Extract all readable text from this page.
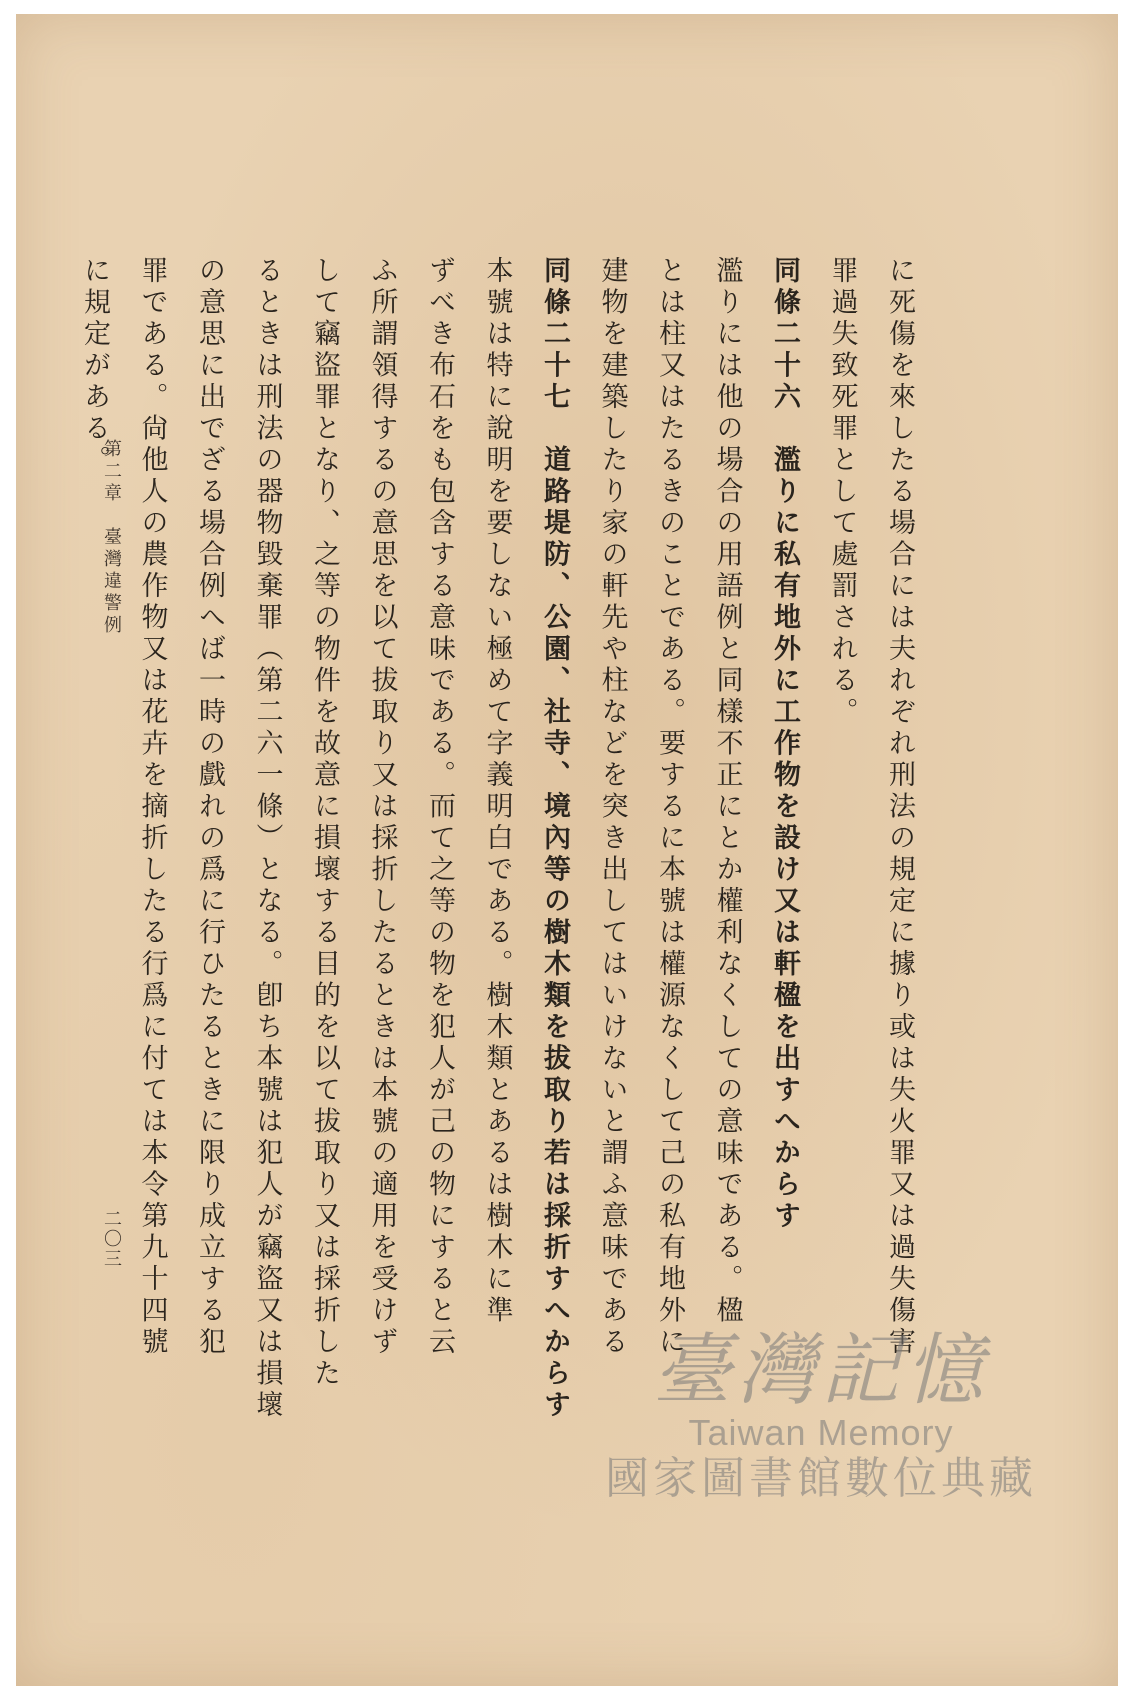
に死傷を來したる場合には夫れぞれ刑法の規定に據り或は失火罪又は過失傷害
罪過失致死罪として處罰される。
同條二十六　濫りに私有地外に工作物を設け又は軒楹を出すへからす
濫りには他の場合の用語例と同樣不正にとか權利なくしての意味である。楹
とは柱又はたるきのことである。要するに本號は權源なくして己の私有地外に
建物を建築したり家の軒先や柱などを突き出してはいけないと謂ふ意味である
同條二十七　道路堤防、公園、社寺、境內等の樹木類を拔取り若は採折すへからす
本號は特に說明を要しない極めて字義明白である。樹木類とあるは樹木に準
ずべき布石をも包含する意味である。而て之等の物を犯人が己の物にすると云
ふ所謂領得するの意思を以て拔取り又は採折したるときは本號の適用を受けず
して竊盜罪となり、之等の物件を故意に損壞する目的を以て拔取り又は採折した
るときは刑法の器物毀棄罪（第二六一條）となる。卽ち本號は犯人が竊盜又は損壞
の意思に出でざる場合例へば一時の戲れの爲に行ひたるときに限り成立する犯
罪である。尙他人の農作物又は花卉を摘折したる行爲に付ては本令第九十四號
に規定がある。
第二章　臺灣違警例
二〇三
臺灣記憶
Taiwan Memory
國家圖書館數位典藏
